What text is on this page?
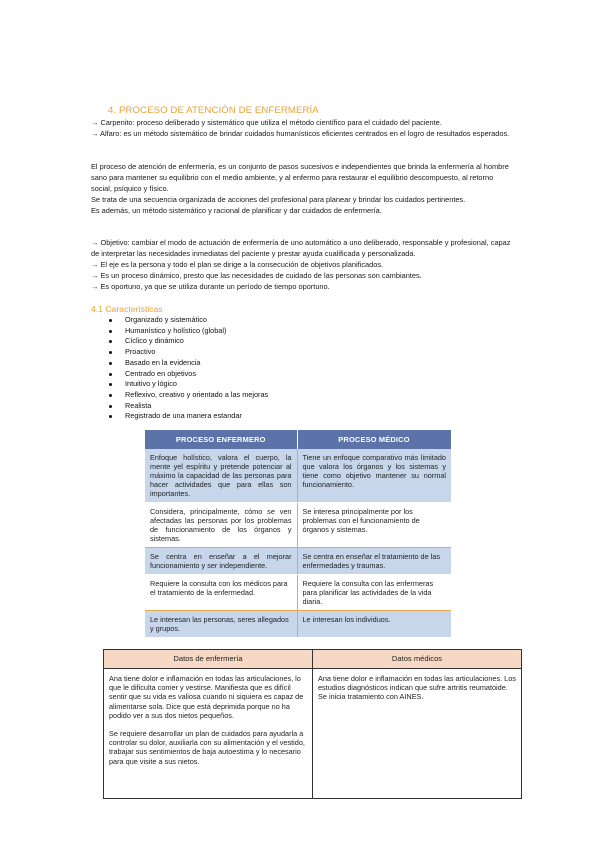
4. PROCESO DE ATENCIÓN DE ENFERMERÍA

→ Carpenito: proceso deliberado y sistemático que utiliza el método científico para el cuidado del paciente.

→ Alfaro: es un método sistemático de brindar cuidados humanísticos eficientes centrados en el logro de resultados esperados.

El proceso de atención de enfermería, es un conjunto de pasos sucesivos e independientes que brinda la enfermería al hombre sano para mantener su equilibrio con el medio ambiente, y al enfermo para restaurar el equilibrio descompuesto, al retorno social, psíquico y físico.

Se trata de una secuencia organizada de acciones del profesional para planear y brindar los cuidados pertinentes.

Es además, un método sistemático y racional de planificar y dar cuidados de enfermería.

→ Objetivo: cambiar el modo de actuación de enfermería de uno automático a uno deliberado, responsable y profesional, capaz de interpretar las necesidades inmediatas del paciente y prestar ayuda cualificada y personalizada.

→ El eje es la persona y todo el plan se dirige a la consecución de objetivos planificados.

→ Es un proceso dinámico, presto que las necesidades de cuidado de las personas son cambiantes.

→ Es oportuno, ya que se utiliza durante un período de tiempo oportuno.

4.1 Características
Organizado y sistemático
Humanístico y holístico (global)
Cíclico y dinámico
Proactivo
Basado en la evidencia
Centrado en objetivos
Intuitivo y lógico
Reflexivo, creativo y orientado a las mejoras
Realista
Registrado de una manera estandar
PROCESO ENFERMERO	PROCESO MÉDICO
Enfoque holístico, valora el cuerpo, la mente yel espíritu y pretende potenciar al máximo la capacidad de las personas para hacer actividades que para ellas son importantes.	Tiene un enfoque comparativo más limitado que valora los órganos y los sistemas y tiene como objetivo mantener su normal funcionamiento.
Considera, principalmente, cómo se ven afectadas las personas por los problemas de funcionamiento de los órganos y sistemas.	Se interesa principalmente por los problemas con el funcionamiento de órganos y sistemas.
Se centra en enseñar a el mejorar funcionamiento y ser independiente.	Se centra en enseñar el tratamiento de las enfermedades y traumas.
Requiere la consulta con los médicos para el tratamiento de la enfermedad.	Requiere la consulta con las enfermeras para planificar las actividades de la vida diaria.
Le interesan las personas, seres allegados y grupos.	Le interesan los individuos.
Datos de enfermería	Datos médicos

Ana tiene dolor e inflamación en todas las articulaciones, lo que le dificulta comer y vestirse. Manifiesta que es difícil sentir que su vida es valiosa cuando ni siquiera es capaz de alimentarse sola. Dice que está deprimida porque no ha podido ver a sus dos nietos pequeños.

Se requiere desarrollar un plan de cuidados para ayudarla a controlar su dolor, auxiliarla con su alimentación y el vestido, trabajar sus sentimientos de baja autoestima y lo necesario para que visite a sus nietos.	Ana tiene dolor e inflamación en todas las articulaciones. Los estudios diagnósticos indican que sufre artritis reumatoide. Se inicia tratamiento con AINES.
